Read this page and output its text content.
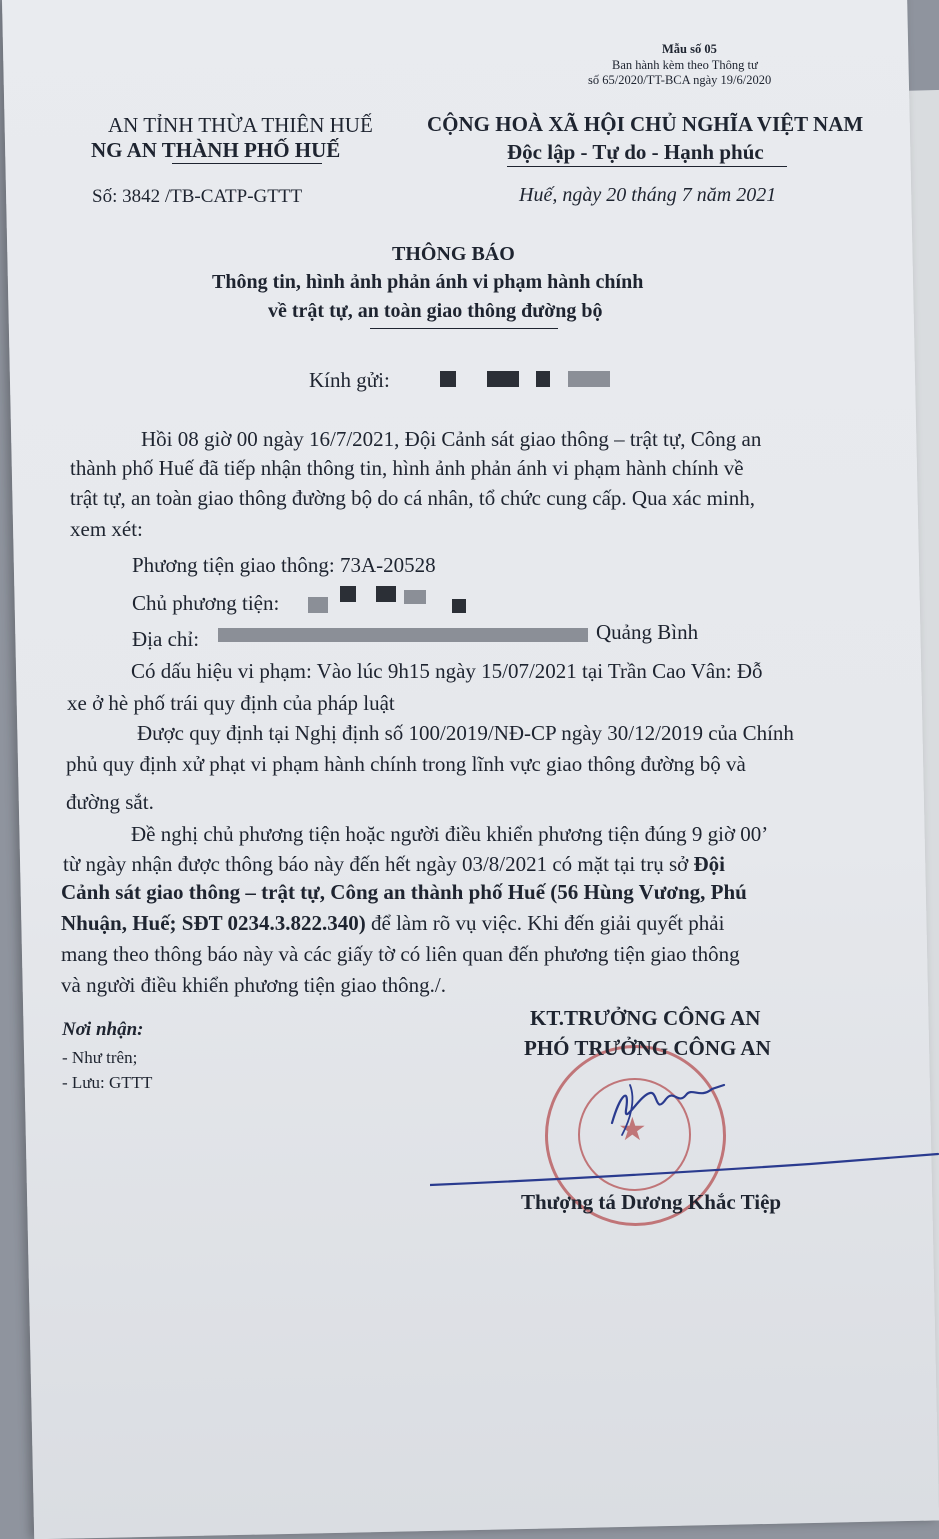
Mẫu số 05
Ban hành kèm theo Thông tư
số 65/2020/TT-BCA ngày 19/6/2020
AN TỈNH THỪA THIÊN HUẾ
NG AN THÀNH PHỐ HUẾ
CỘNG HOÀ XÃ HỘI CHỦ NGHĨA VIỆT NAM
Độc lập - Tự do - Hạnh phúc
Số: 3842 /TB-CATP-GTTT	Huế, ngày 20 tháng 7 năm 2021
THÔNG BÁO
Thông tin, hình ảnh phản ánh vi phạm hành chính
về trật tự, an toàn giao thông đường bộ
Kính gửi:
Hồi 08 giờ 00 ngày 16/7/2021, Đội Cảnh sát giao thông – trật tự, Công an
thành phố Huế đã tiếp nhận thông tin, hình ảnh phản ánh vi phạm hành chính về
trật tự, an toàn giao thông đường bộ do cá nhân, tổ chức cung cấp. Qua xác minh,
xem xét:
Phương tiện giao thông: 73A-20528
Chủ phương tiện:
Địa chỉ:	Quảng Bình
Có dấu hiệu vi phạm: Vào lúc 9h15 ngày 15/07/2021 tại Trần Cao Vân: Đỗ
xe ở hè phố trái quy định của pháp luật
Được quy định tại Nghị định số 100/2019/NĐ-CP ngày 30/12/2019 của Chính
phủ quy định xử phạt vi phạm hành chính trong lĩnh vực giao thông đường bộ và
đường sắt.
Đề nghị chủ phương tiện hoặc người điều khiển phương tiện đúng 9 giờ 00’
từ ngày nhận được thông báo này đến hết ngày 03/8/2021 có mặt tại trụ sở Đội
Cảnh sát giao thông – trật tự, Công an thành phố Huế (56 Hùng Vương, Phú
Nhuận, Huế; SĐT 0234.3.822.340) để làm rõ vụ việc. Khi đến giải quyết phải
mang theo thông báo này và các giấy tờ có liên quan đến phương tiện giao thông
và người điều khiển phương tiện giao thông./.
Nơi nhận:
- Như trên;
- Lưu: GTTT
★
KT.TRƯỞNG CÔNG AN
PHÓ TRƯỞNG CÔNG AN
Thượng tá Dương Khắc Tiệp
